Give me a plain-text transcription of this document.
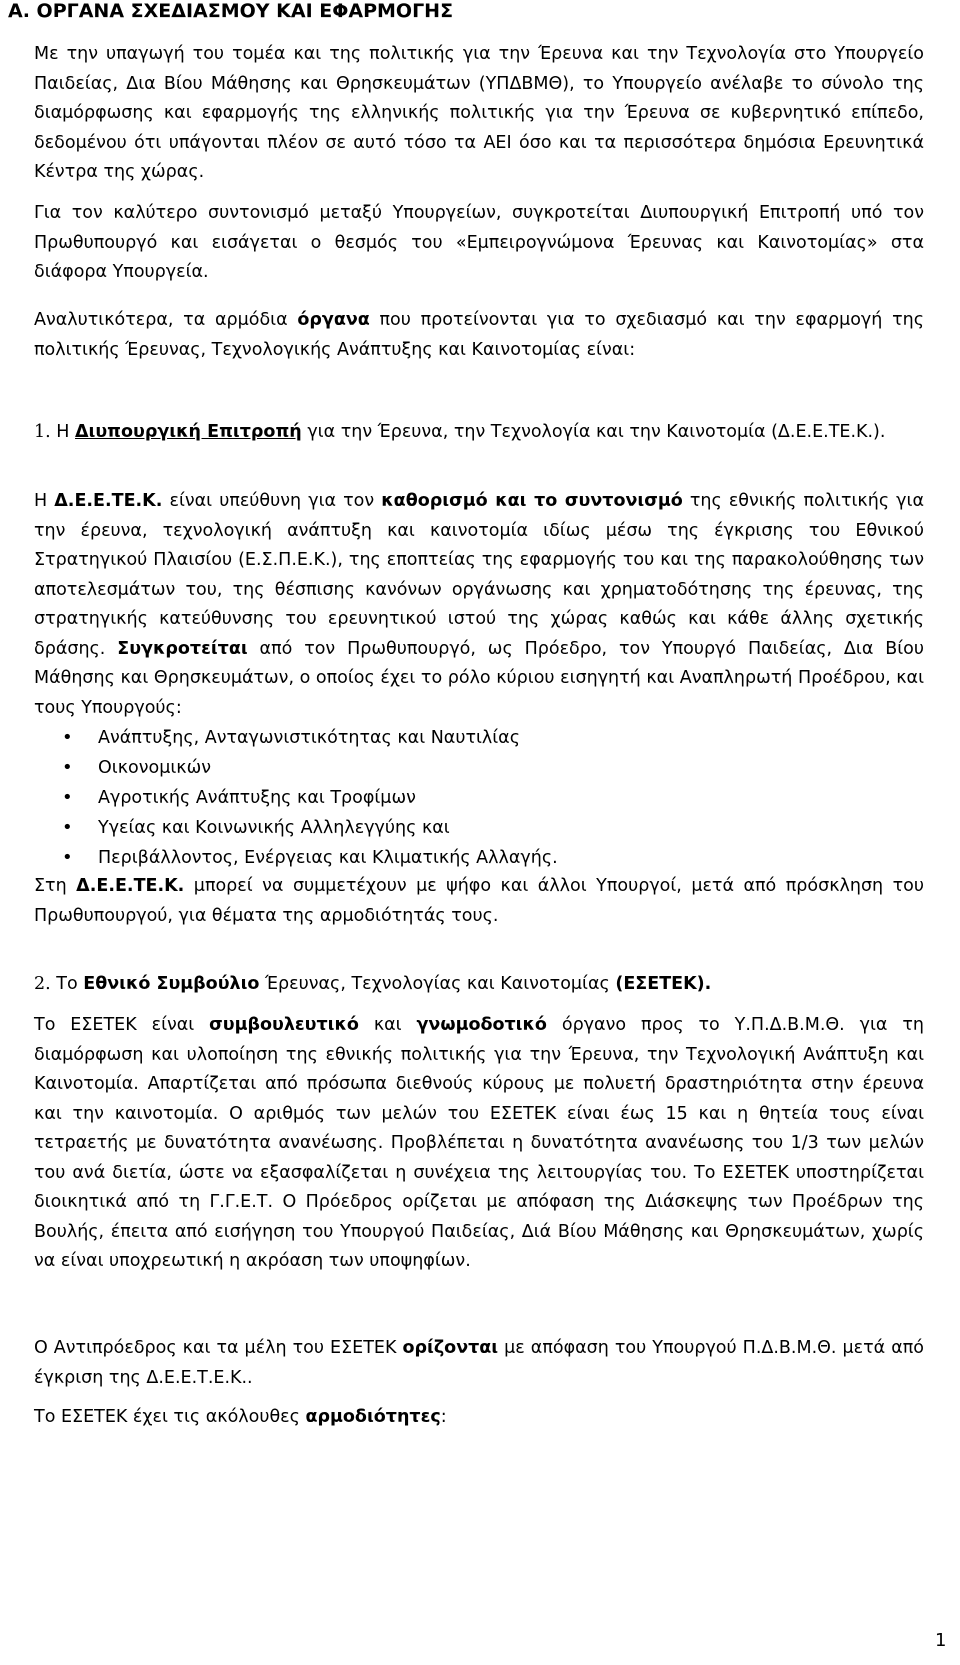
Α. ΟΡΓΑΝΑ ΣΧΕΔΙΑΣΜΟΥ ΚΑΙ ΕΦΑΡΜΟΓΗΣ

Με την υπαγωγή του τομέα και της πολιτικής για την Έρευνα και την Τεχνολογία στο Υπουργείο Παιδείας, Δια Βίου Μάθησης και Θρησκευμάτων (ΥΠΔΒΜΘ), το Υπουργείο ανέλαβε το σύνολο της διαμόρφωσης και εφαρμογής της ελληνικής πολιτικής για την Έρευνα σε κυβερνητικό επίπεδο, δεδομένου ότι υπάγονται πλέον σε αυτό τόσο τα ΑΕΙ όσο και τα περισσότερα δημόσια Ερευνητικά Κέντρα της χώρας.

Για τον καλύτερο συντονισμό μεταξύ Υπουργείων, συγκροτείται Διυπουργική Επιτροπή υπό τον Πρωθυπουργό και εισάγεται ο θεσμός του «Εμπειρογνώμονα Έρευνας και Καινοτομίας» στα διάφορα Υπουργεία.

Αναλυτικότερα, τα αρμόδια όργανα που προτείνονται για το σχεδιασμό και την εφαρμογή της πολιτικής Έρευνας, Τεχνολογικής Ανάπτυξης και Καινοτομίας είναι:

1. Η Διυπουργική Επιτροπή για την Έρευνα, την Τεχνολογία και την Καινοτομία (Δ.Ε.Ε.ΤΕ.Κ.).

Η Δ.Ε.Ε.ΤΕ.Κ. είναι υπεύθυνη για τον καθορισμό και το συντονισμό της εθνικής πολιτικής για την έρευνα, τεχνολογική ανάπτυξη και καινοτομία ιδίως μέσω της έγκρισης του Εθνικού Στρατηγικού Πλαισίου (Ε.Σ.Π.Ε.Κ.), της εποπτείας της εφαρμογής του και της παρακολούθησης των αποτελεσμάτων του, της θέσπισης κανόνων οργάνωσης και χρηματοδότησης της έρευνας, της στρατηγικής κατεύθυνσης του ερευνητικού ιστού της χώρας καθώς και κάθε άλλης σχετικής δράσης. Συγκροτείται από τον Πρωθυπουργό, ως Πρόεδρο, τον Υπουργό Παιδείας, Δια Βίου Μάθησης και Θρησκευμάτων, ο οποίος έχει το ρόλο κύριου εισηγητή και Αναπληρωτή Προέδρου, και τους Υπουργούς:

• Ανάπτυξης, Ανταγωνιστικότητας και Ναυτιλίας
• Οικονομικών
• Αγροτικής Ανάπτυξης και Τροφίμων
• Υγείας και Κοινωνικής Αλληλεγγύης και
• Περιβάλλοντος, Ενέργειας και Κλιματικής Αλλαγής.

Στη Δ.Ε.Ε.ΤΕ.Κ. μπορεί να συμμετέχουν με ψήφο και άλλοι Υπουργοί, μετά από πρόσκληση του Πρωθυπουργού, για θέματα της αρμοδιότητάς τους.

2. Το Εθνικό Συμβούλιο Έρευνας, Τεχνολογίας και Καινοτομίας (ΕΣΕΤΕΚ).

Το ΕΣΕΤΕΚ είναι συμβουλευτικό και γνωμοδοτικό όργανο προς το Υ.Π.Δ.Β.Μ.Θ. για τη διαμόρφωση και υλοποίηση της εθνικής πολιτικής για την Έρευνα, την Τεχνολογική Ανάπτυξη και Καινοτομία. Απαρτίζεται από πρόσωπα διεθνούς κύρους με πολυετή δραστηριότητα στην έρευνα και την καινοτομία. Ο αριθμός των μελών του ΕΣΕΤΕΚ είναι έως 15 και η θητεία τους είναι τετραετής με δυνατότητα ανανέωσης. Προβλέπεται η δυνατότητα ανανέωσης του 1/3 των μελών του ανά διετία, ώστε να εξασφαλίζεται η συνέχεια της λειτουργίας του. Το ΕΣΕΤΕΚ υποστηρίζεται διοικητικά από τη Γ.Γ.Ε.Τ. Ο Πρόεδρος ορίζεται με απόφαση της Διάσκεψης των Προέδρων της Βουλής, έπειτα από εισήγηση του Υπουργού Παιδείας, Διά Βίου Μάθησης και Θρησκευμάτων, χωρίς να είναι υποχρεωτική η ακρόαση των υποψηφίων.

Ο Αντιπρόεδρος και τα μέλη του ΕΣΕΤΕΚ ορίζονται με απόφαση του Υπουργού Π.Δ.Β.Μ.Θ. μετά από έγκριση της Δ.Ε.Ε.Τ.Ε.Κ..

Το ΕΣΕΤΕΚ έχει τις ακόλουθες αρμοδιότητες:

1
